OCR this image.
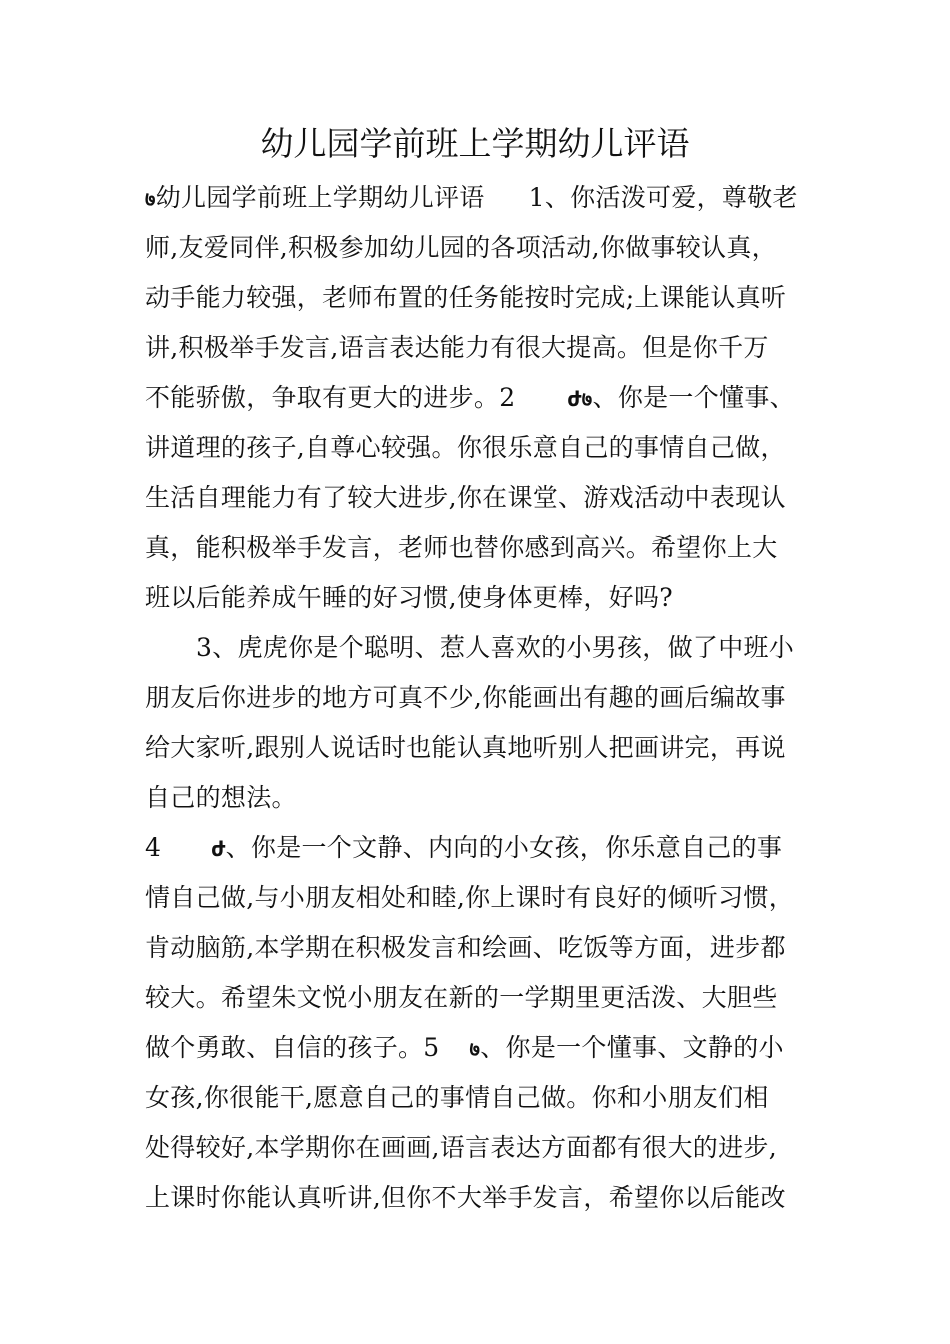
幼儿园学前班上学期幼儿评语
७幼儿园学前班上学期幼儿评语 1、你活泼可爱，尊敬老
师,友爱同伴,积极参加幼儿园的各项活动,你做事较认真，
动手能力较强，老师布置的任务能按时完成;上课能认真听
讲,积极举手发言,语言表达能力有很大提高。但是你千万
不能骄傲，争取有更大的进步。2	ժ७、你是一个懂事、
讲道理的孩子,自尊心较强。你很乐意自己的事情自己做，
生活自理能力有了较大进步,你在课堂、游戏活动中表现认
真，能积极举手发言，老师也替你感到高兴。希望你上大
班以后能养成午睡的好习惯,使身体更棒，好吗?
3、虎虎你是个聪明、惹人喜欢的小男孩，做了中班小
朋友后你进步的地方可真不少,你能画出有趣的画后编故事
给大家听,跟别人说话时也能认真地听别人把画讲完，再说
自己的想法。
4	ժ、你是一个文静、内向的小女孩，你乐意自己的事
情自己做,与小朋友相处和睦,你上课时有良好的倾听习惯，
肯动脑筋,本学期在积极发言和绘画、吃饭等方面，进步都
较大。希望朱文悦小朋友在新的一学期里更活泼、大胆些
做个勇敢、自信的孩子。5 ७、你是一个懂事、文静的小
女孩,你很能干,愿意自己的事情自己做。你和小朋友们相
处得较好,本学期你在画画,语言表达方面都有很大的进步,
上课时你能认真听讲,但你不大举手发言，希望你以后能改
